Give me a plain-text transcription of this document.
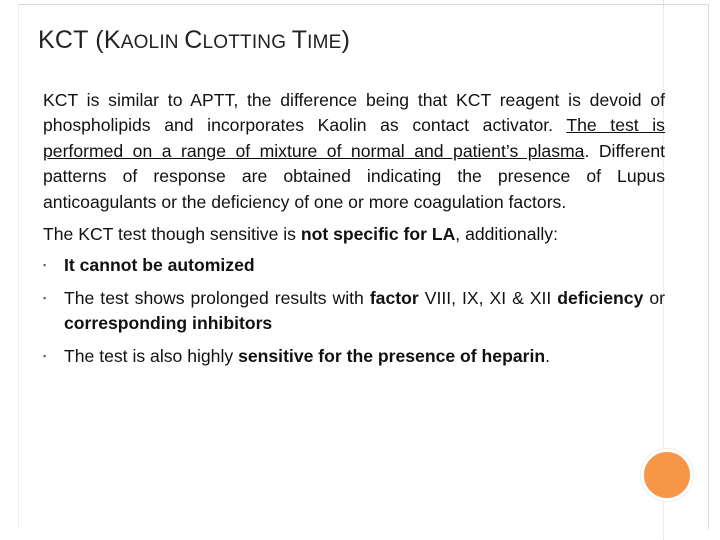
KCT (KAOLIN CLOTTING TIME)

KCT is similar to APTT, the difference being that KCT reagent is devoid of phospholipids and incorporates Kaolin as contact activator. The test is performed on a range of mixture of normal and patient’s plasma. Different patterns of response are obtained indicating the presence of Lupus anticoagulants or the deficiency of one or more coagulation factors.

The KCT test though sensitive is not specific for LA, additionally:

▪ It cannot be automized
▪ The test shows prolonged results with factor VIII, IX, XI & XII deficiency or corresponding inhibitors
▪ The test is also highly sensitive for the presence of heparin.
